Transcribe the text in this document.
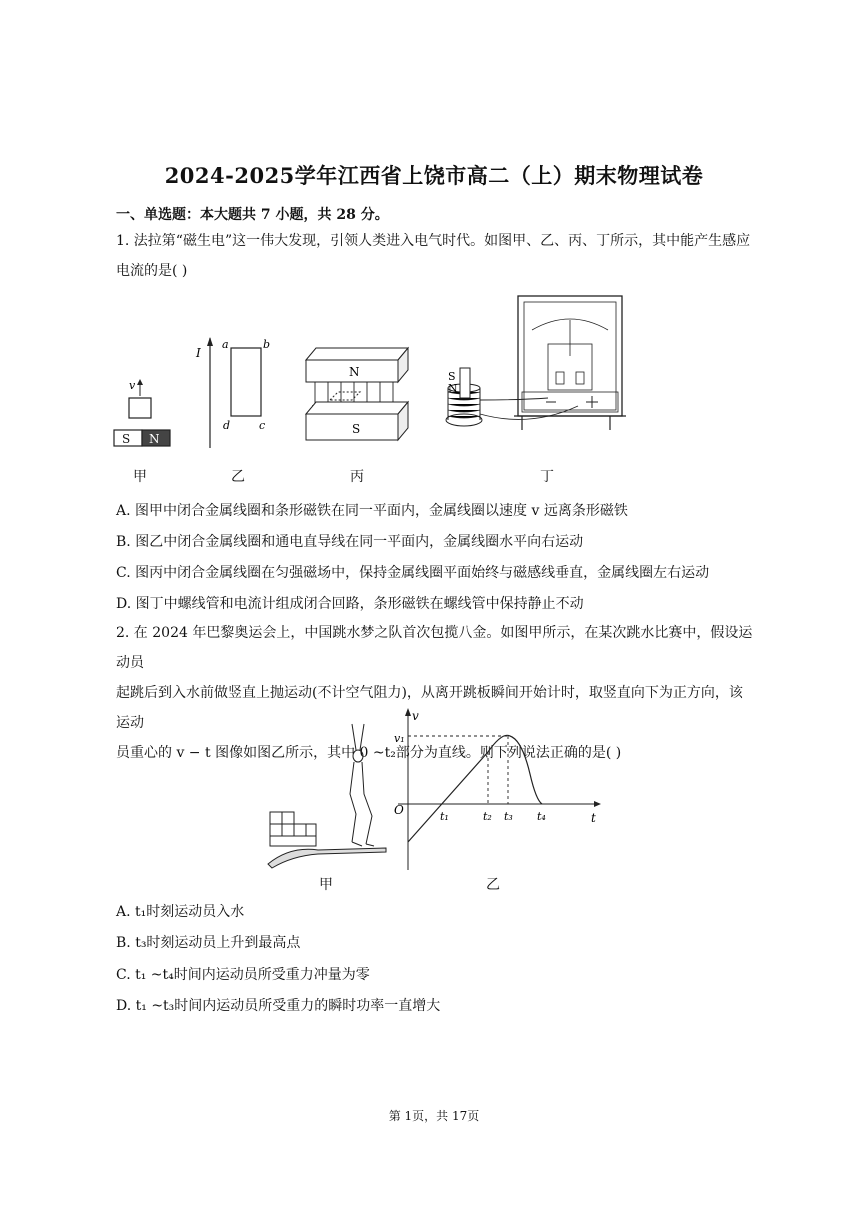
2024-2025学年江西省上饶市高二（上）期末物理试卷
一、单选题：本大题共 7 小题，共 28 分。
1. 法拉第“磁生电”这一伟大发现，引领人类进入电气时代。如图甲、乙、丙、丁所示，其中能产生感应
电流的是( )
v
S N
I
a	b
c
d
N
S
S
N
甲	乙	丙	丁
A. 图甲中闭合金属线圈和条形磁铁在同一平面内，金属线圈以速度 v 远离条形磁铁
B. 图乙中闭合金属线圈和通电直导线在同一平面内，金属线圈水平向右运动
C. 图丙中闭合金属线圈在匀强磁场中，保持金属线圈平面始终与磁感线垂直，金属线圈左右运动
D. 图丁中螺线管和电流计组成闭合回路，条形磁铁在螺线管中保持静止不动
2. 在 2024 年巴黎奥运会上，中国跳水梦之队首次包揽八金。如图甲所示，在某次跳水比赛中，假设运动员
起跳后到入水前做竖直上抛运动(不计空气阻力)，从离开跳板瞬间开始计时，取竖直向下为正方向，该运动
员重心的 v − t 图像如图乙所示，其中 0 ~t₂部分为直线。则下列说法正确的是( )
v
O
t
v₁
t₁	t₂ t₃ t₄
甲	乙
A. t₁时刻运动员入水
B. t₃时刻运动员上升到最高点
C. t₁ ~t₄时间内运动员所受重力冲量为零
D. t₁ ~t₃时间内运动员所受重力的瞬时功率一直增大
第 1页，共 17页
